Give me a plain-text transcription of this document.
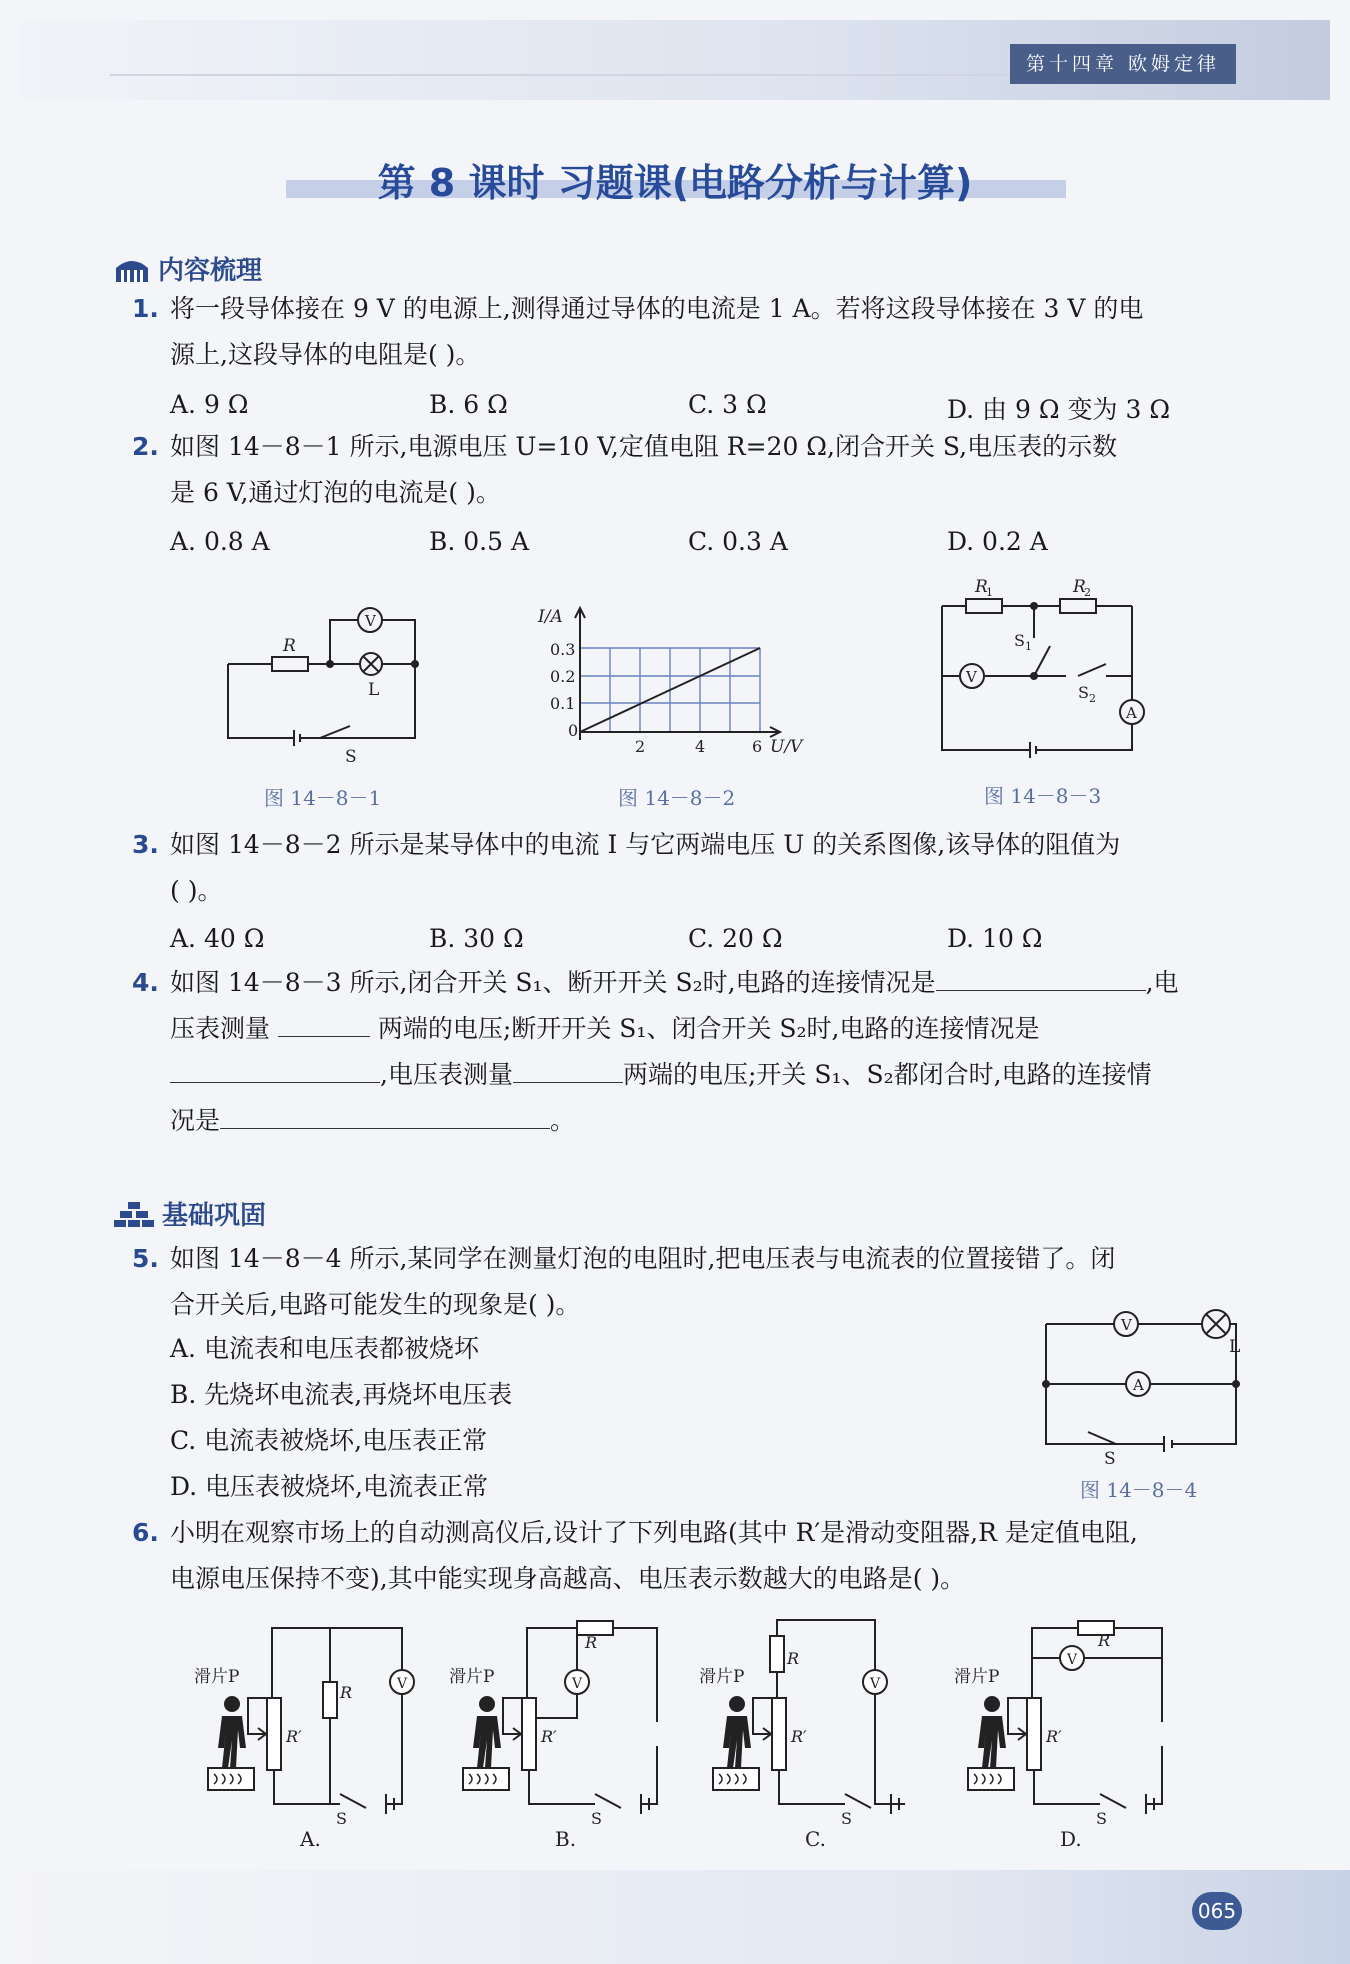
第十四章 欧姆定律
第 8 课时 习题课(电路分析与计算)
内容梳理
1. 将一段导体接在 9 V 的电源上,测得通过导体的电流是 1 A。若将这段导体接在 3 V 的电
源上,这段导体的电阻是( )。
A. 9 Ω	B. 6 Ω	C. 3 Ω	D. 由 9 Ω 变为 3 Ω
2. 如图 14－8－1 所示,电源电压 U=10 V,定值电阻 R=20 Ω,闭合开关 S,电压表的示数
是 6 V,通过灯泡的电流是( )。
A. 0.8 A	B. 0.5 A	C. 0.3 A	D. 0.2 A
R
V
L
S
图 14－8－1
I/A
0.3
0.2
0.1
0
2	4	6 U/V
图 14－8－2
R
1	R
2
S 1
S 2
V
A
图 14－8－3
3. 如图 14－8－2 所示是某导体中的电流 I 与它两端电压 U 的关系图像,该导体的阻值为
( )。
A. 40 Ω	B. 30 Ω	C. 20 Ω	D. 10 Ω
4. 如图 14－8－3 所示,闭合开关 S₁、断开开关 S₂时,电路的连接情况是	,电
压表测量	两端的电压;断开开关 S₁、闭合开关 S₂时,电路的连接情况是
,电压表测量	两端的电压;开关 S₁、S₂都闭合时,电路的连接情
况是	。
基础巩固
5. 如图 14－8－4 所示,某同学在测量灯泡的电阻时,把电压表与电流表的位置接错了。闭
合开关后,电路可能发生的现象是( )。
A. 电流表和电压表都被烧坏
B. 先烧坏电流表,再烧坏电压表
C. 电流表被烧坏,电压表正常
D. 电压表被烧坏,电流表正常
V
A
L
S
图 14－8－4
6. 小明在观察市场上的自动测高仪后,设计了下列电路(其中 R′是滑动变阻器,R 是定值电阻,
电源电压保持不变),其中能实现身高越高、电压表示数越大的电路是( )。
滑片P
R′
R	V
S
A.
滑片P
R′
R
V
S
B.
滑片P
R′
R
V
S
C.
滑片P
R′
R
V
S
D.
065
